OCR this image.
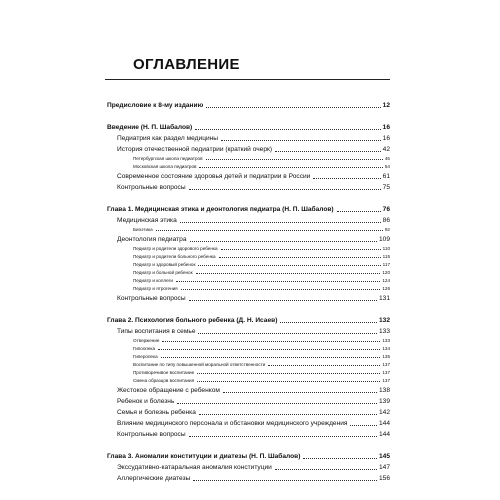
ОГЛАВЛЕНИЕ
Предисловие к 8-му изданию	12
Введение (Н. П. Шабалов)	16
Педиатрия как раздел медицины	16
История отечественной педиатрии (краткий очерк)	42
Петербургская школа педиатров	45
Московская школа педиатров	54
Современное состояние здоровья детей и педиатрии в России	61
Контрольные вопросы	75
Глава 1. Медицинская этика и деонтология педиатра (Н. П. Шабалов)	76
Медицинская этика	86
Биоэтика	92
Деонтология педиатра	109
Педиатр и родители здорового ребенка	110
Педиатр и родители больного ребенка	115
Педиатр и здоровый ребенок	117
Педиатр и больной ребенок	120
Педиатр и коллеги	124
Педиатр и ятрогения	126
Контрольные вопросы	131
Глава 2. Психология больного ребенка (Д. Н. Исаев)	132
Типы воспитания в семье	133
Отвержение	133
Гипоопека	134
Гиперопека	135
Воспитание по типу повышенной моральной ответственности	137
Противоречивое воспитание	137
Смена образцов воспитания	137
Жестокое обращение с ребенком	138
Ребенок и болезнь	139
Семья и болезнь ребенка	142
Влияние медицинского персонала и обстановки медицинского учреждения	144
Контрольные вопросы	144
Глава 3. Аномалии конституции и диатезы (Н. П. Шабалов)	145
Экссудативно-катаральная аномалия конституции	147
Аллергические диатезы	156
